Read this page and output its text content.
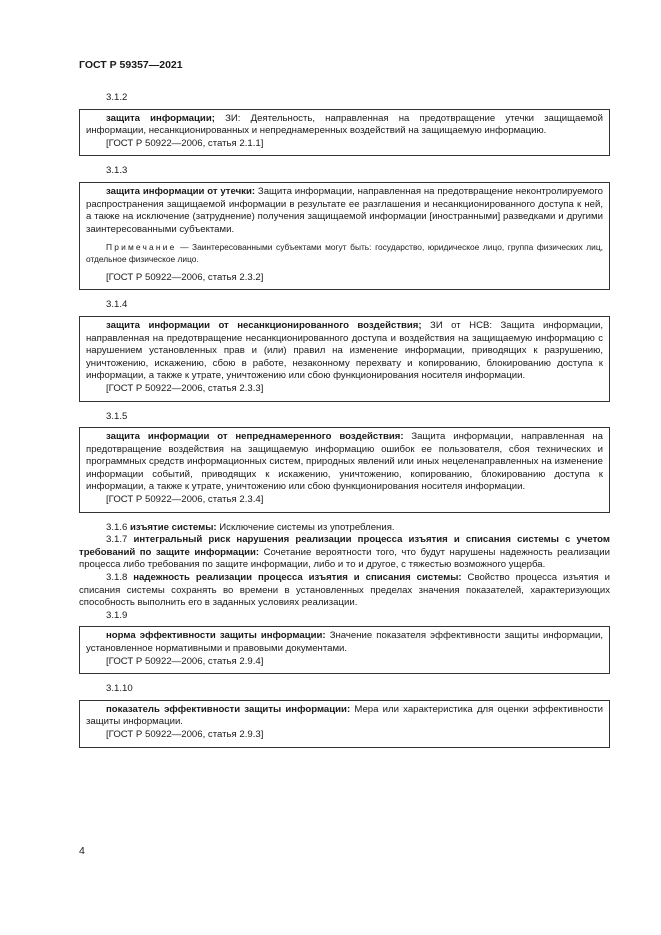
ГОСТ Р 59357—2021
3.1.2

защита информации; ЗИ: Деятельность, направленная на предотвращение утечки защищаемой информации, несанкционированных и непреднамеренных воздействий на защищаемую информацию.

[ГОСТ Р 50922—2006, статья 2.1.1]
3.1.3

защита информации от утечки: Защита информации, направленная на предотвращение неконтролируемого распространения защищаемой информации в результате ее разглашения и несанкционированного доступа к ней, а также на исключение (затруднение) получения защищаемой информации [иностранными] разведками и другими заинтересованными субъектами.

Примечание — Заинтересованными субъектами могут быть: государство, юридическое лицо, группа физических лиц, отдельное физическое лицо.

[ГОСТ Р 50922—2006, статья 2.3.2]
3.1.4

защита информации от несанкционированного воздействия; ЗИ от НСВ: Защита информации, направленная на предотвращение несанкционированного доступа и воздействия на защищаемую информацию с нарушением установленных прав и (или) правил на изменение информации, приводящих к разрушению, уничтожению, искажению, сбою в работе, незаконному перехвату и копированию, блокированию доступа к информации, а также к утрате, уничтожению или сбою функционирования носителя информации.

[ГОСТ Р 50922—2006, статья 2.3.3]
3.1.5

защита информации от непреднамеренного воздействия: Защита информации, направленная на предотвращение воздействия на защищаемую информацию ошибок ее пользователя, сбоя технических и программных средств информационных систем, природных явлений или иных нецеленаправленных на изменение информации событий, приводящих к искажению, уничтожению, копированию, блокированию доступа к информации, а также к утрате, уничтожению или сбою функционирования носителя информации.

[ГОСТ Р 50922—2006, статья 2.3.4]

3.1.6 изъятие системы: Исключение системы из употребления.

3.1.7 интегральный риск нарушения реализации процесса изъятия и списания системы с учетом требований по защите информации: Сочетание вероятности того, что будут нарушены надежность реализации процесса либо требования по защите информации, либо и то и другое, с тяжестью возможного ущерба.

3.1.8 надежность реализации процесса изъятия и списания системы: Свойство процесса изъятия и списания системы сохранять во времени в установленных пределах значения показателей, характеризующих способность выполнить его в заданных условиях реализации.

3.1.9

норма эффективности защиты информации: Значение показателя эффективности защиты информации, установленное нормативными и правовыми документами.

[ГОСТ Р 50922—2006, статья 2.9.4]
3.1.10

показатель эффективности защиты информации: Мера или характеристика для оценки эффективности защиты информации.

[ГОСТ Р 50922—2006, статья 2.9.3]
4
